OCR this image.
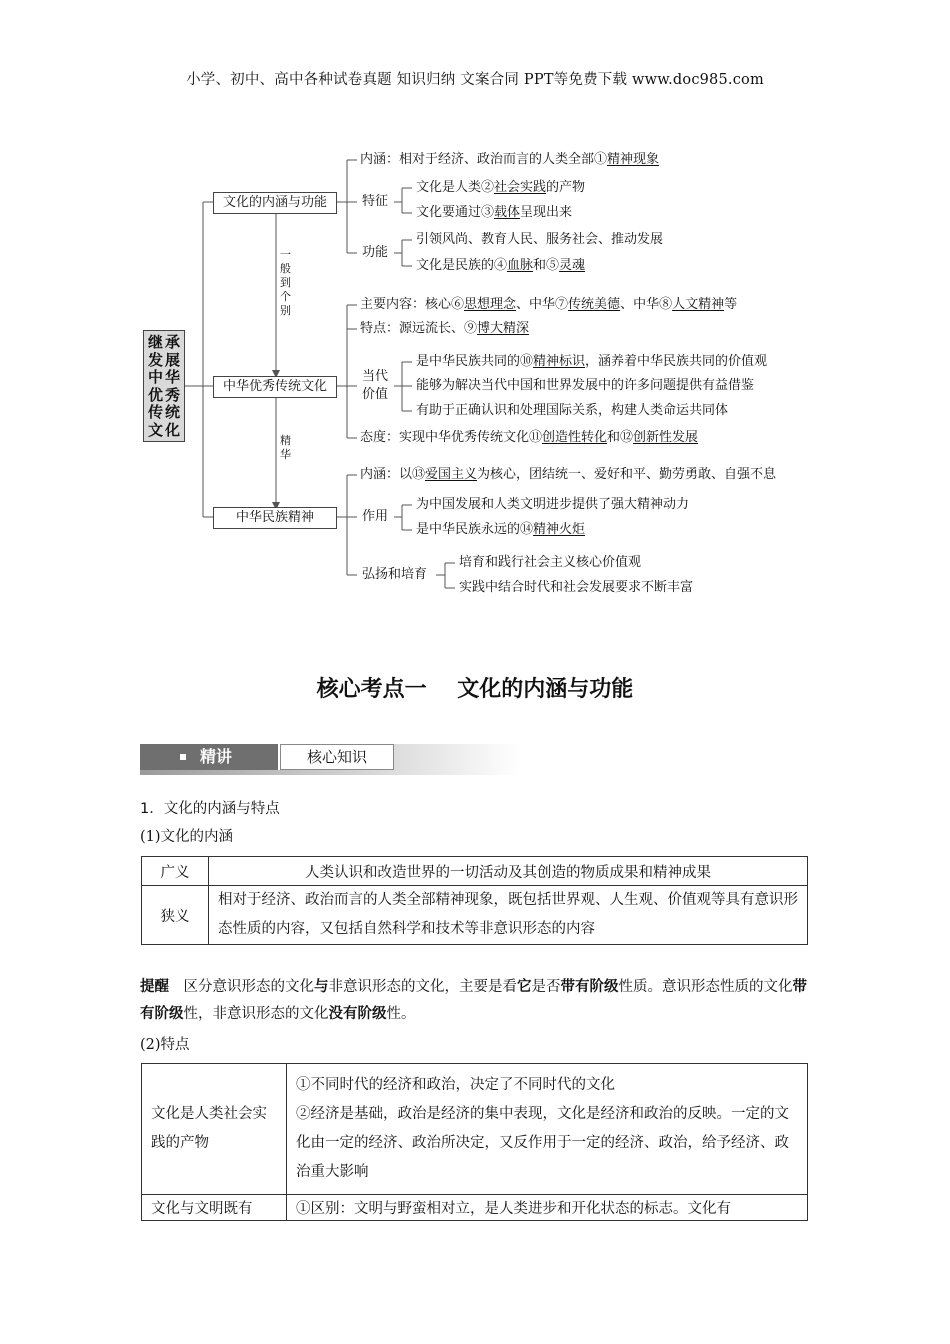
小学、初中、高中各种试卷真题 知识归纳 文案合同 PPT等免费下载 www.doc985.com
承
展
华
秀
统
化
继
发
中
优
传
文
一般到个别
精华
文化的内涵与功能
中华优秀传统文化
中华民族精神
内涵：相对于经济、政治而言的人类全部①精神现象
特征
文化是人类②社会实践的产物
文化要通过③载体呈现出来
功能
引领风尚、教育人民、服务社会、推动发展
文化是民族的④血脉和⑤灵魂
主要内容：核心⑥思想理念、中华⑦传统美德、中华⑧人文精神等
特点：源远流长、⑨博大精深
当代
价值
是中华民族共同的⑩精神标识，涵养着中华民族共同的价值观
能够为解决当代中国和世界发展中的许多问题提供有益借鉴
有助于正确认识和处理国际关系，构建人类命运共同体
态度：实现中华优秀传统文化⑪创造性转化和⑫创新性发展
内涵：以⑬爱国主义为核心，团结统一、爱好和平、勤劳勇敢、自强不息
作用
为中国发展和人类文明进步提供了强大精神动力
是中华民族永远的⑭精神火炬
弘扬和培育
培育和践行社会主义核心价值观
实践中结合时代和社会发展要求不断丰富
核心考点一    文化的内涵与功能
精讲	核心知识
1．文化的内涵与特点
(1)文化的内涵
广义	人类认识和改造世界的一切活动及其创造的物质成果和精神成果
狭义	相对于经济、政治而言的人类全部精神现象，既包括世界观、人生观、价值观等具有意识形态性质的内容，又包括自然科学和技术等非意识形态的内容
提醒　区分意识形态的文化与非意识形态的文化，主要是看它是否带有阶级性质。意识形态性质的文化带有阶级性，非意识形态的文化没有阶级性。
(2)特点
文化是人类社会实践的产物	①不同时代的经济和政治，决定了不同时代的文化
②经济是基础，政治是经济的集中表现，文化是经济和政治的反映。一定的文化由一定的经济、政治所决定，又反作用于一定的经济、政治，给予经济、政治重大影响

文化与文明既有	①区别：文明与野蛮相对立，是人类进步和开化状态的标志。文化有
